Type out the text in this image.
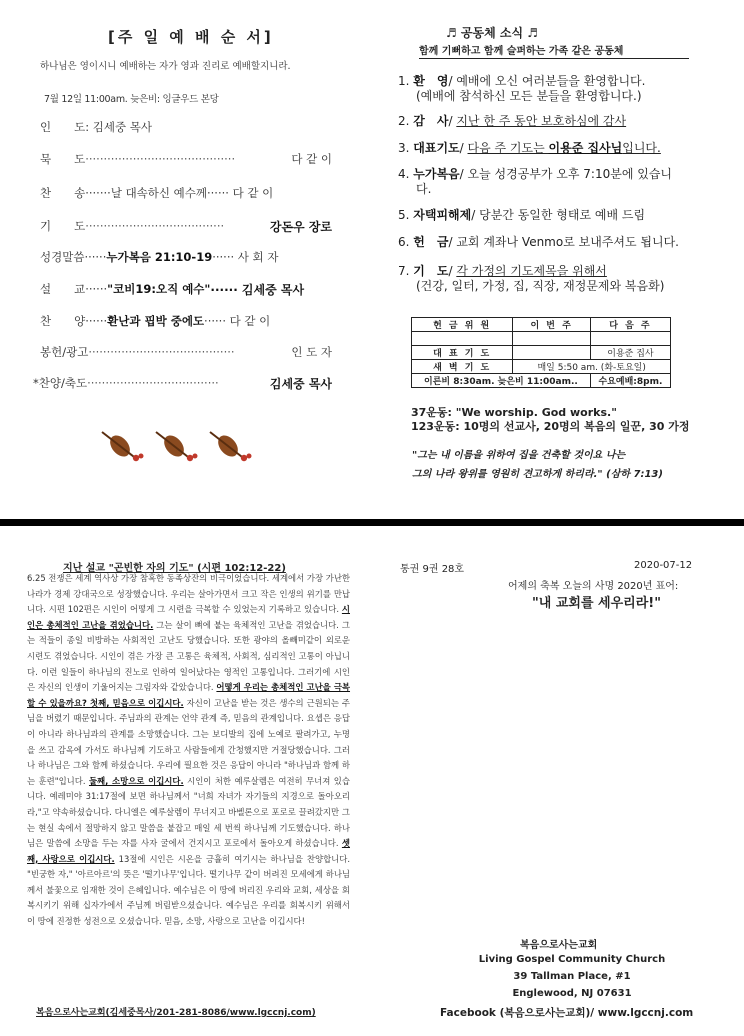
[주 일 예 배 순 서]
하나님은 영이시니 예배하는 자가 영과 진리로 예배할지니라.
7월 12일 11:00am. 늦은비: 잉글우드 본당
인　　도 : 김세중 목사
묵　　도 ·········································	다 같 이
찬　　송 ······· 날 대속하신 예수께 ······ 다 같 이
기　　도 ······································	강돈우 장로
성경말씀 ······ 누가복음 21:10-19 ······ 사 회 자
설　　교 ······ "코비19:오직 예수" ······ 김세중 목사
찬　　양 ······ 환난과 핍박 중에도 ······ 다 같 이
봉헌/광고 ········································	인 도 자
*찬양/축도 ····································	김세중 목사
♬ 공동체 소식 ♬
함께 기뻐하고 함께 슬퍼하는 가족 같은 공동체
1. 환　영/ 예배에 오신 여러분들을 환영합니다.
(예배에 참석하신 모든 분들을 환영합니다.)
2. 감　사/ 지난 한 주 동안 보호하심에 감사
3. 대표기도/ 다음 주 기도는 이용준 집사님입니다.
4. 누가복음/ 오늘 성경공부가 오후 7:10분에 있습니
다.
5. 자택피해제/ 당분간 동일한 형태로 예배 드림
6. 헌　금/ 교회 계좌나 Venmo로 보내주셔도 됩니다.
7. 기　도/ 각 가정의 기도제목을 위해서
(건강, 일터, 가정, 집, 직장, 재정문제와 복음화)
헌 금 위 원	이 번 주	다 음 주

대 표 기 도		이용준 집사
새 벽 기 도	매일 5:50 am. (화-토요일)	
이른비 8:30am. 늦은비 11:00am..		수요예배:8pm.
37운동: "We worship. God works."
123운동: 10명의 선교사, 20명의 복음의 일꾼, 30 가정
"그는 내 이름을 위하여 집을 건축할 것이요 나는
그의 나라 왕위를 영원히 견고하게 하리라." (삼하 7:13)
지난 설교 "곤빈한 자의 기도" (시편 102:12-22)
6.25 전쟁은 세계 역사상 가장 참혹한 동족상잔의 비극이었습니다. 세계에서 가장 가난한 나라가 경제 강대국으로 성장했습니다. 우리는 살아가면서 크고 작은 인생의 위기를 만납니다. 시편 102편은 시인이 어떻게 그 시련을 극복할 수 있었는지 기록하고 있습니다. 시인은 총체적인 고난을 겪었습니다. 그는 살이 뼈에 붙는 육체적인 고난을 겪었습니다. 그는 적들이 종일 비방하는 사회적인 고난도 당했습니다. 또한 광야의 올빼미같이 외로운 시련도 겪었습니다. 시인이 겪은 가장 큰 고통은 육체적, 사회적, 심리적인 고통이 아닙니다. 이런 일들이 하나님의 진노로 인하여 일어났다는 영적인 고통입니다. 그러기에 시인은 자신의 인생이 기울어지는 그림자와 같았습니다. 어떻게 우리는 총체적인 고난을 극복할 수 있을까요? 첫째, 믿음으로 이깁시다. 자신이 고난을 받는 것은 생수의 근원되는 주님을 버렸기 때문입니다. 주님과의 관계는 언약 관계 즉, 믿음의 관계입니다. 요셉은 응답이 아니라 하나님과의 관계를 소망했습니다. 그는 보디발의 집에 노예로 팔려가고, 누명을 쓰고 감옥에 가서도 하나님께 기도하고 사람들에게 간청했지만 거절당했습니다. 그러나 하나님은 그와 함께 하셨습니다. 우리에 필요한 것은 응답이 아니라 "하나님과 함께 하는 훈련"입니다. 둘째, 소망으로 이깁시다. 시인이 처한 예루살렘은 여전히 무너져 있습니다. 예레미야 31:17절에 보면 하나님께서 "너희 자녀가 자기들의 지경으로 돌아오리라,"고 약속하셨습니다. 다니엘은 예루살렘이 무너지고 바벨론으로 포로로 끌려갔지만 그는 현실 속에서 절망하지 않고 말씀을 붙잡고 매일 세 번씩 하나님께 기도했습니다. 하나님은 말씀에 소망을 두는 자를 사자 굴에서 건지시고 포로에서 돌아오게 하셨습니다. 셋째, 사랑으로 이깁시다. 13절에 시인은 시온을 긍휼히 여기시는 하나님을 찬양합니다. "빈궁한 자," '아르아르'의 뜻은 '떨기나무'입니다. 떨기나무 같이 버려진 모세에게 하나님께서 불꽃으로 임재한 것이 은혜입니다. 예수님은 이 땅에 버리진 우리와 교회, 세상을 회복시키기 위해 십자가에서 주님께 버림받으셨습니다. 예수님은 우리를 회복시키 위해서 이 땅에 진정한 성전으로 오셨습니다. 믿음, 소망, 사랑으로 고난을 이깁시다!
복음으로사는교회(김세중목사/201-281-8086/www.lgccnj.com)
통권 9권 28호	2020-07-12
어제의 축복 오늘의 사명 2020년 표어:
"내 교회를 세우리라!"
복음으로사는교회
Living Gospel Community Church
39 Tallman Place, #1
Englewood, NJ 07631
Facebook (복음으로사는교회)/ www.lgccnj.com
